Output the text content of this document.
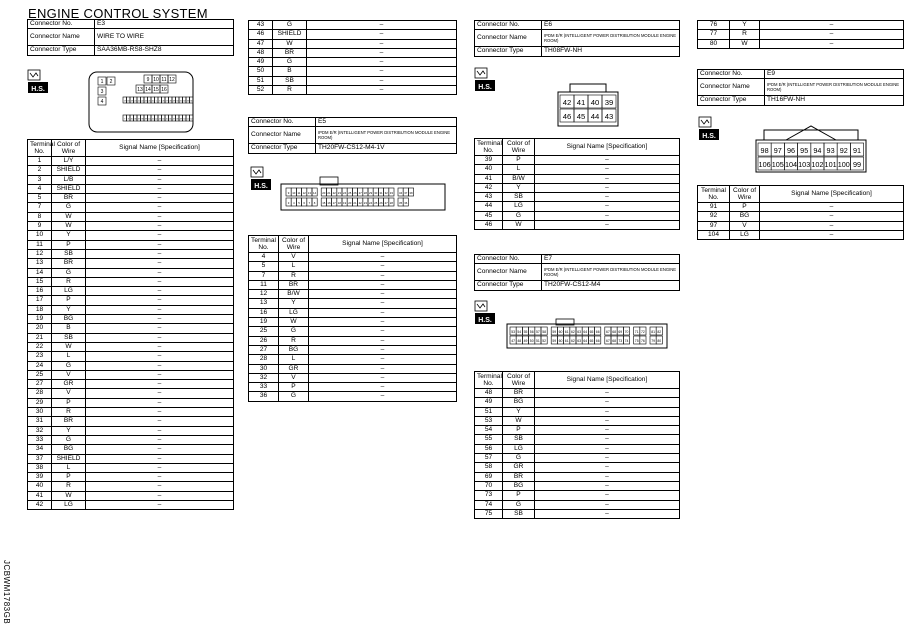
ENGINE CONTROL SYSTEM
JCBWM1783GB
Connector No.	E3
Connector Name	WIRE TO WIRE
Connector Type	SAA36MB-RS8-SHZ8
H.S.
1 2	9 10 11 12
3	13 14 15 16
4	17 18 19 20 21 22 23 24 25 5 6 26 27 28 29 30 31 32 33 34
7 8 35 36 37 38 39 40 41 42 43 44 45 46 47 48 49 50 51 52
Terminal No.	Color of Wire	Signal Name [Specification]
1	L/Y	–
2	SHIELD	–
3	L/B	–
4	SHIELD	–
5	BR	–
7	G	–
8	W	–
9	W	–
10	Y	–
11	P	–
12	SB	–
13	BR	–
14	G	–
15	R	–
16	LG	–
17	P	–
18	Y	–
19	BG	–
20	B	–
21	SB	–
22	W	–
23	L	–
24	G	–
25	V	–
27	GR	–
28	V	–
29	P	–
30	R	–
31	BR	–
32	Y	–
33	G	–
34	BG	–
37	SHIELD	–
38	L	–
39	P	–
40	R	–
41	W	–
42	LG	–
43	G	–
46	SHIELD	–
47	W	–
48	BR	–
49	G	–
50	B	–
51	SB	–
52	R	–
Connector No.	E5
Connector Name	IPDM E/R (INTELLIGENT POWER DISTRIBUTION MODULE ENGINE ROOM)
Connector Type	TH20FW-CS12-M4-1V
H.S.
9 10 11 12 13 14 20 21 22 23 24 25 26 27 28 29 30 31 32 33 34 37 38
3 4 5 6 7 8 15 16 17 18 19 20 21 22 23 24 25 26 27 28 35 36
Terminal No.	Color of Wire	Signal Name [Specification]
4	V	–
5	L	–
7	R	–
11	BR	–
12	B/W	–
13	Y	–
16	LG	–
19	W	–
25	G	–
26	R	–
27	BG	–
28	L	–
30	GR	–
32	V	–
33	P	–
36	G	–
Connector No.	E6
Connector Name	IPDM E/R (INTELLIGENT POWER DISTRIBUTION MODULE ENGINE ROOM)
Connector Type	TH08FW-NH
H.S.
42 41 40 39
46 45 44 43
Terminal No.	Color of Wire	Signal Name [Specification]
39	P	–
40	L	–
41	B/W	–
42	Y	–
43	SB	–
44	LG	–
45	G	–
46	W	–
Connector No.	E7
Connector Name	IPDM E/R (INTELLIGENT POWER DISTRIBUTION MODULE ENGINE ROOM)
Connector Type	TH20FW-CS12-M4
H.S.
53 54 55 56 57 58 59 60 61 62 63 64 65 66 67 68 69 70 71 72 81 82
47 48 49 50 51 52 59 60 61 62 63 64 65 66 67 68 73 74 75 76 79 80
Terminal No.	Color of Wire	Signal Name [Specification]
48	BR	–
49	BG	–
51	Y	–
53	W	–
54	P	–
55	SB	–
56	LG	–
57	G	–
58	GR	–
69	BR	–
70	BG	–
73	P	–
74	G	–
75	SB	–
76	Y	–
77	R	–
80	W	–
Connector No.	E9
Connector Name	IPDM E/R (INTELLIGENT POWER DISTRIBUTION MODULE ENGINE ROOM)
Connector Type	TH16FW-NH
H.S.
98 97 96 95 94 93 92 91
106 105 104 103 102 101 100 99
Terminal No.	Color of Wire	Signal Name [Specification]
91	P	–
92	BG	–
97	V	–
104	LG	–
